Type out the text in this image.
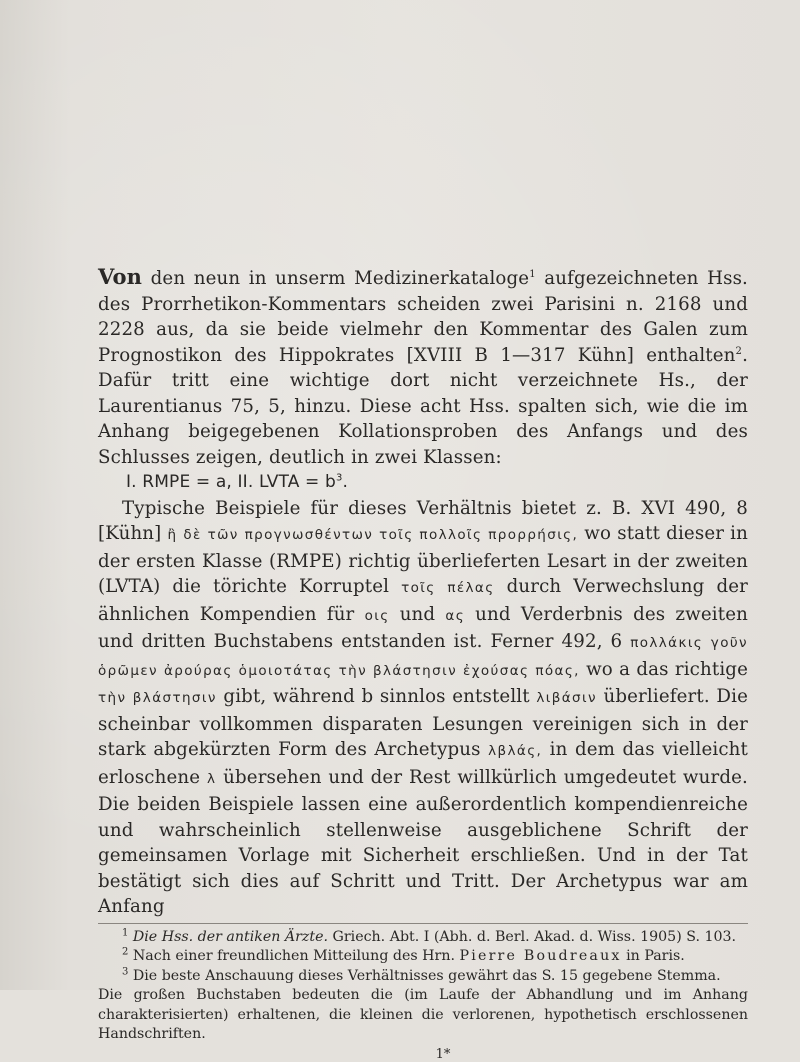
Von den neun in unserm Medizinerkataloge$^1$ aufgezeichneten Hss. des Prorrhetikon-Kommentars scheiden zwei Parisini n. 2168 und 2228 aus, da sie beide vielmehr den Kommentar des Galen zum Prognostikon des Hippokrates [XVIII B 1—317 Kühn] enthalten$^2$. Dafür tritt eine wichtige dort nicht verzeichnete Hs., der Laurentianus 75, 5, hinzu. Diese acht Hss. spalten sich, wie die im Anhang beigegebenen Kollationsproben des Anfangs und des Schlusses zeigen, deutlich in zwei Klassen:

I. RMPE = a, II. LVTA = $b^3$.

Typische Beispiele für dieses Verhältnis bietet z. B. XVI 490, 8 [Kühn] ἢ δὲ τῶν προγνωσθέντων τοῖς πολλοῖς προρρήσις, wo statt dieser in der ersten Klasse (RMPE) richtig überlieferten Lesart in der zweiten (LVTA) die törichte Korruptel τοῖς πέλας durch Verwechslung der ähnlichen Kompendien für οις und ας und Verderbnis des zweiten und dritten Buchstabens entstanden ist. Ferner 492, 6 πολλάκις γοῦν ὁρῶμεν ἀρούρας ὁμοιοτάτας τὴν βλάστησιν ἐχούσας πόας, wo a das richtige τὴν βλάστησιν gibt, während b sinnlos entstellt λιβάσιν überliefert. Die scheinbar vollkommen disparaten Lesungen vereinigen sich in der stark abgekürzten Form des Archetypus λβλάς, in dem das vielleicht erloschene λ übersehen und der Rest willkürlich umgedeutet wurde. Die beiden Beispiele lassen eine außerordentlich kompendienreiche und wahrscheinlich stellenweise ausgeblichene Schrift der gemeinsamen Vorlage mit Sicherheit erschließen. Und in der Tat bestätigt sich dies auf Schritt und Tritt. Der Archetypus war am Anfang

$^1$ Die Hss. der antiken Ärzte. Griech. Abt. I (Abh. d. Berl. Akad. d. Wiss. 1905) S. 103.

$^2$ Nach einer freundlichen Mitteilung des Hrn. Pierre Boudreaux in Paris.

$^3$ Die beste Anschauung dieses Verhältnisses gewährt das S. 15 gegebene Stemma.

Die großen Buchstaben bedeuten die (im Laufe der Abhandlung und im Anhang charakterisierten) erhaltenen, die kleinen die verlorenen, hypothetisch erschlossenen Handschriften.

1*
